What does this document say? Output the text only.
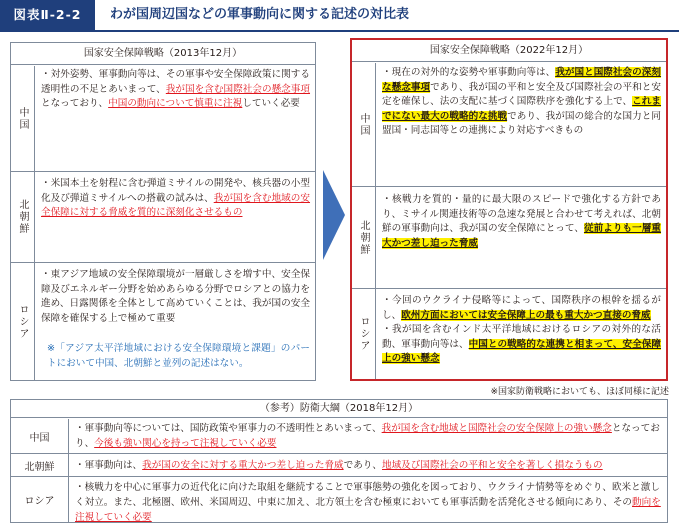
図表Ⅱ-2-2	わが国周辺国などの軍事動向に関する記述の対比表
国家安全保障戦略（2013年12月）
中国
・対外姿勢、軍事動向等は、その軍事や安全保障政策に関する透明性の不足とあいまって、我が国を含む国際社会の懸念事項となっており、中国の動向について慎重に注視していく必要
北朝鮮
・米国本土を射程に含む弾道ミサイルの開発や、核兵器の小型化及び弾道ミサイルへの搭載の試みは、我が国を含む地域の安全保障に対する脅威を質的に深刻化させるもの
ロシア
・東アジア地域の安全保障環境が一層厳しさを増す中、安全保障及びエネルギー分野を始めあらゆる分野でロシアとの協力を進め、日露関係を全体として高めていくことは、我が国の安全保障を確保する上で極めて重要
※「アジア太平洋地域における安全保障環境と課題」のパートにおいて中国、北朝鮮と並列の記述はない。
国家安全保障戦略（2022年12月）
中国
・現在の対外的な姿勢や軍事動向等は、我が国と国際社会の深刻な懸念事項であり、我が国の平和と安全及び国際社会の平和と安定を確保し、法の支配に基づく国際秩序を強化する上で、これまでにない最大の戦略的な挑戦であり、我が国の総合的な国力と同盟国・同志国等との連携により対応すべきもの
北朝鮮
・核戦力を質的・量的に最大限のスピードで強化する方針であり、ミサイル関連技術等の急速な発展と合わせて考えれば、北朝鮮の軍事動向は、我が国の安全保障にとって、従前よりも一層重大かつ差し迫った脅威
ロシア
・今回のウクライナ侵略等によって、国際秩序の根幹を揺るがし、欧州方面においては安全保障上の最も重大かつ直接の脅威
・我が国を含むインド太平洋地域におけるロシアの対外的な活動、軍事動向等は、中国との戦略的な連携と相まって、安全保障上の強い懸念
※国家防衛戦略においても、ほぼ同様に記述
（参考）防衛大綱（2018年12月）
中国
・軍事動向等については、国防政策や軍事力の不透明性とあいまって、我が国を含む地域と国際社会の安全保障上の強い懸念となっており、今後も強い関心を持って注視していく必要
北朝鮮	・軍事動向は、我が国の安全に対する重大かつ差し迫った脅威であり、地域及び国際社会の平和と安全を著しく損なうもの
ロシア
・核戦力を中心に軍事力の近代化に向けた取組を継続することで軍事態勢の強化を図っており、ウクライナ情勢等をめぐり、欧米と激しく対立。また、北極圏、欧州、米国周辺、中東に加え、北方領土を含む極東においても軍事活動を活発化させる傾向にあり、その動向を注視していく必要
